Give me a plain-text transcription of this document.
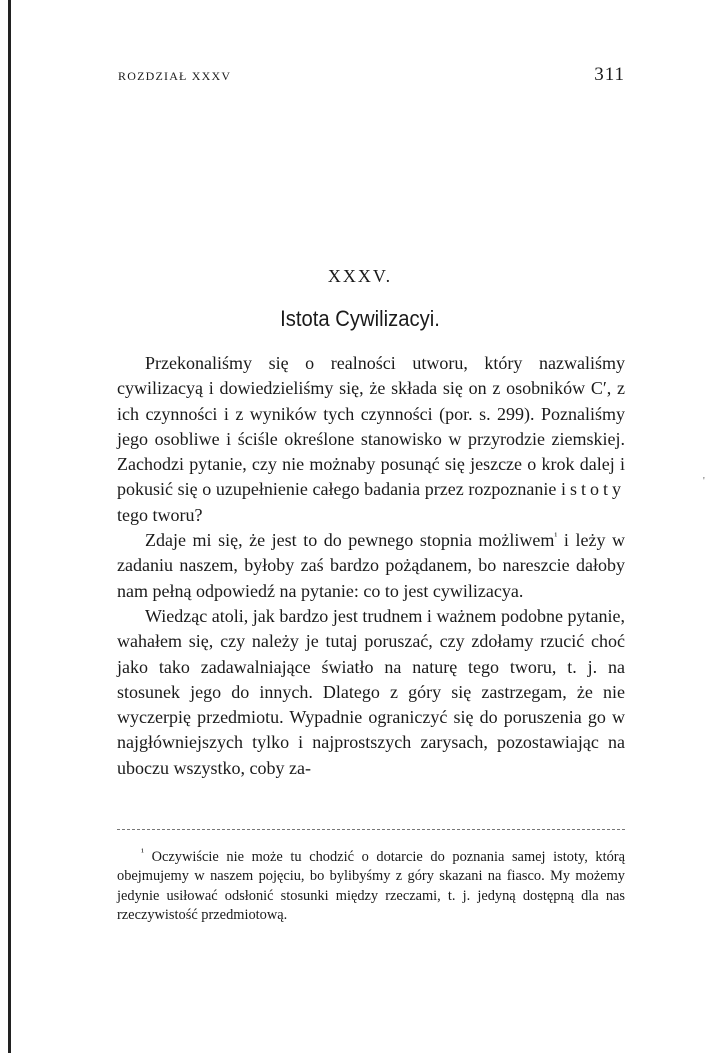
ROZDZIAŁ XXXV	311
XXXV.
Istota Cywilizacyi.

Przekonaliśmy się o realności utworu, który nazwaliśmy cywilizacyą i dowiedzieliśmy się, że składa się on z osobników C′, z ich czynności i z wyników tych czynności (por. s. 299). Poznaliśmy jego osobliwe i ściśle określone stanowisko w przyrodzie ziemskiej. Zachodzi pytanie, czy nie możnaby posunąć się jeszcze o krok dalej i pokusić się o uzupełnienie całego badania przez rozpoznanie istoty tego tworu?

Zdaje mi się, że jest to do pewnego stopnia możliwem$^{^1}$ i leży w zadaniu naszem, byłoby zaś bardzo pożądanem, bo nareszcie dałoby nam pełną odpowiedź na pytanie: co to jest cywilizacya.

Wiedząc atoli, jak bardzo jest trudnem i ważnem podobne pytanie, wahałem się, czy należy je tutaj poruszać, czy zdołamy rzucić choć jako tako zadawalniające światło na naturę tego tworu, t. j. na stosunek jego do innych. Dlatego z góry się zastrzegam, że nie wyczerpię przedmiotu. Wypadnie ograniczyć się do poruszenia go w najgłówniejszych tylko i najprostszych zarysach, pozostawiając na uboczu wszystko, coby za-

'
$^{^1}$ Oczywiście nie może tu chodzić o dotarcie do poznania samej istoty, którą obejmujemy w naszem pojęciu, bo bylibyśmy z góry skazani na fiasco. My możemy jedynie usiłować odsłonić stosunki między rzeczami, t. j. jedyną dostępną dla nas rzeczywistość przedmiotową.
